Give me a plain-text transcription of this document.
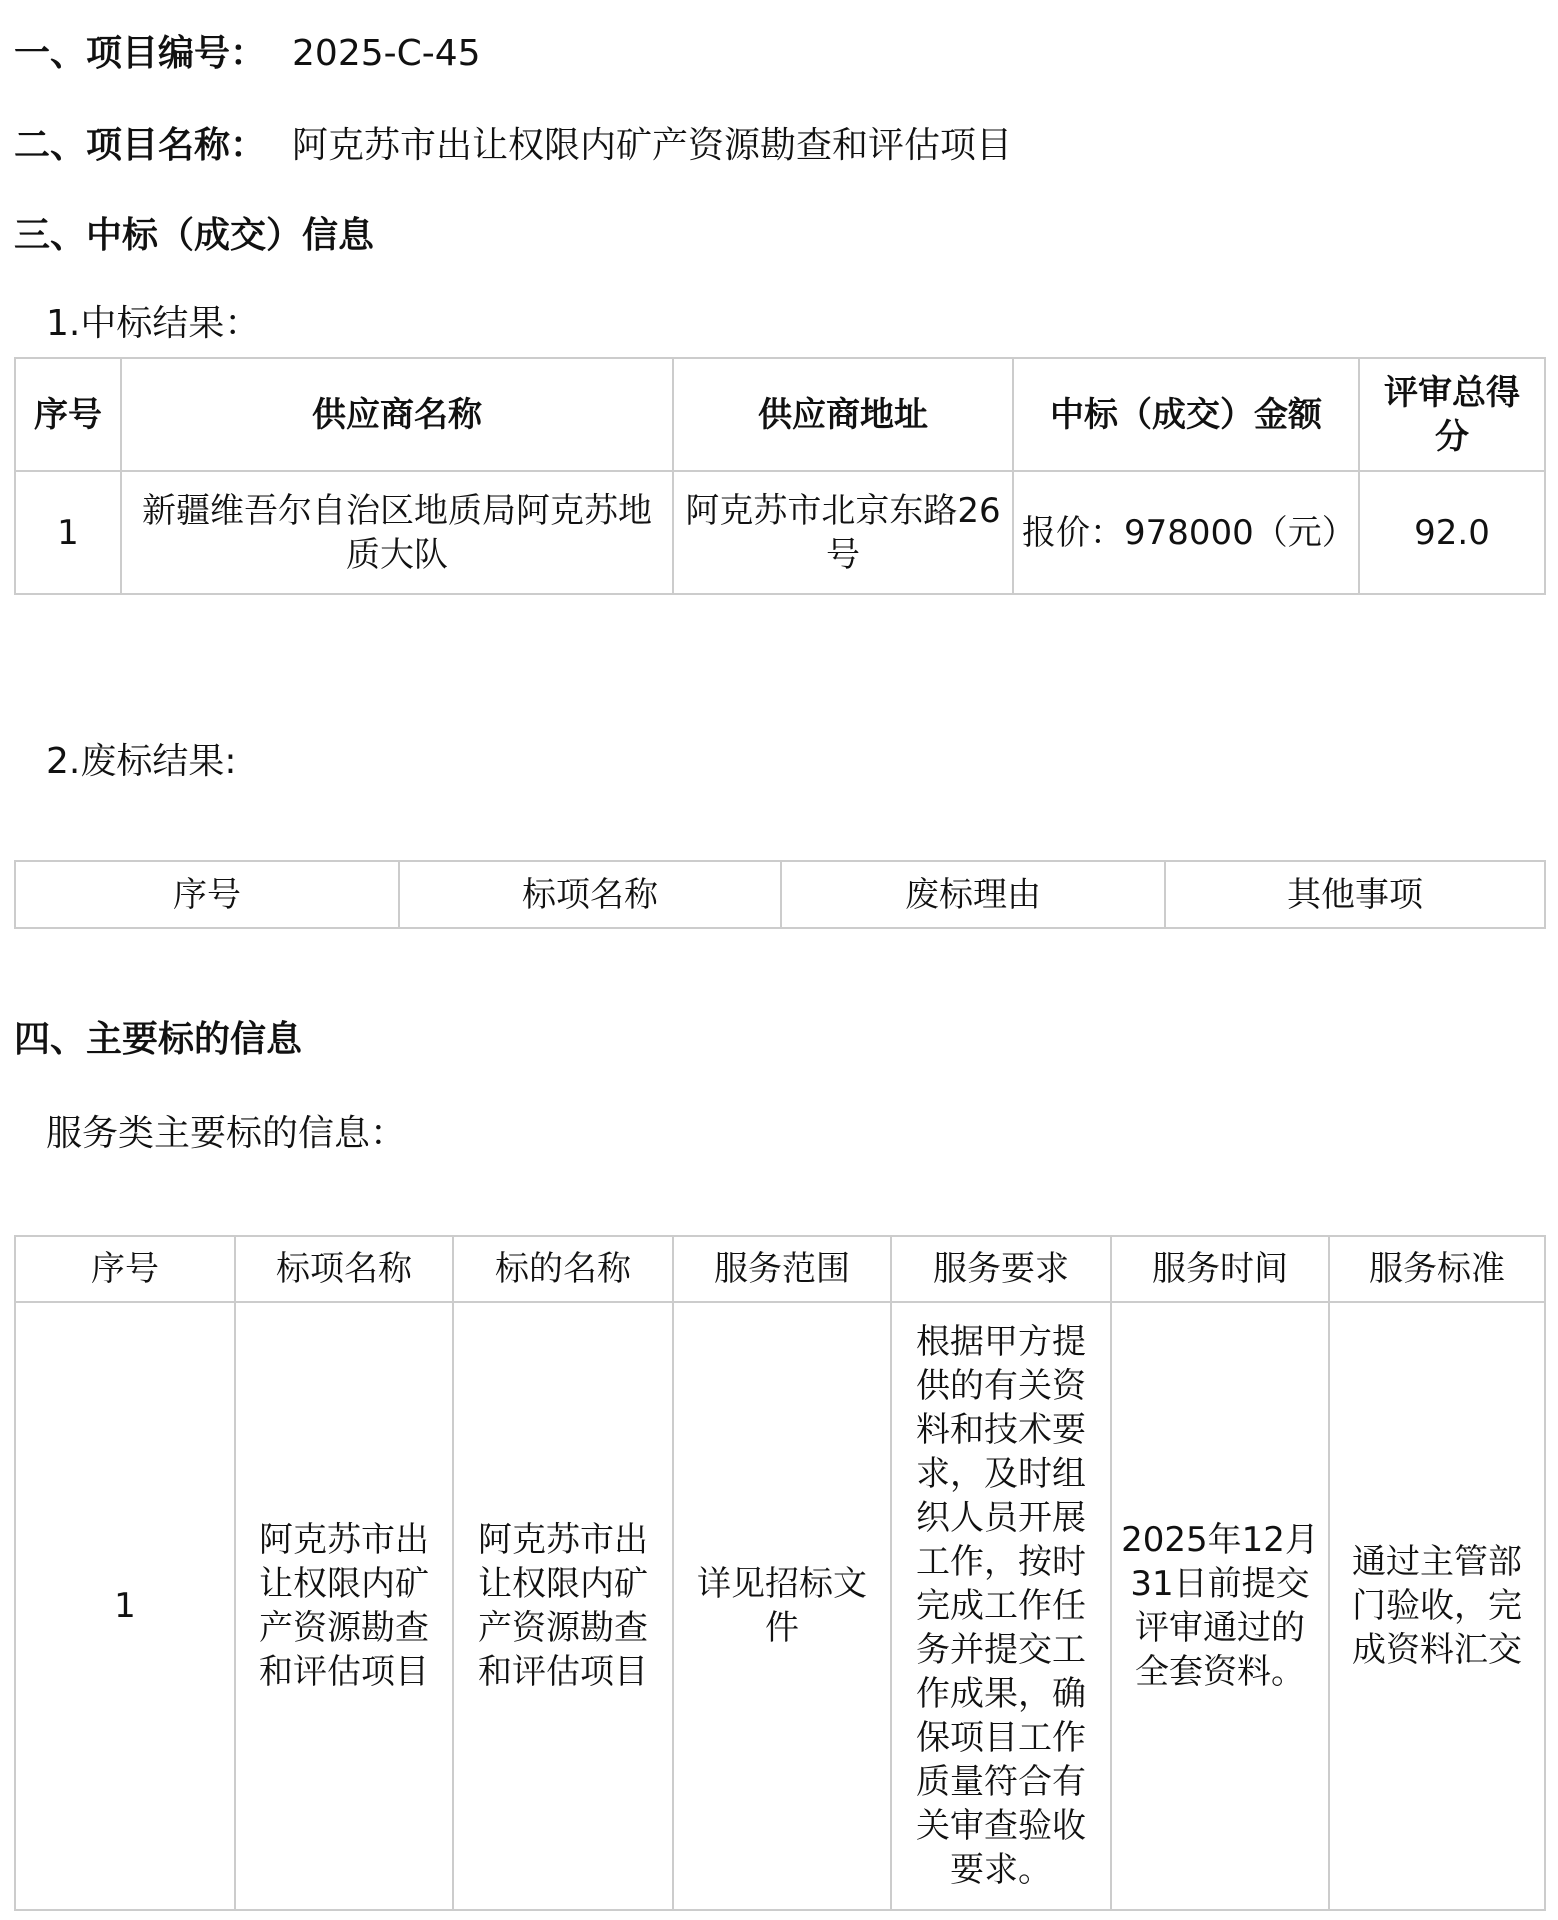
一、项目编号： 2025-C-45
二、项目名称： 阿克苏市出让权限内矿产资源勘查和评估项目
三、中标（成交）信息
1.中标结果：
序号	供应商名称	供应商地址	中标（成交）金额	评审总得分
1	新疆维吾尔自治区地质局阿克苏地质大队	阿克苏市北京东路26号	报价：978000（元）	92.0
2.废标结果:
序号	标项名称	废标理由	其他事项
四、主要标的信息
服务类主要标的信息：
序号	标项名称	标的名称	服务范围	服务要求	服务时间	服务标准
1	阿克苏市出让权限内矿产资源勘查和评估项目	阿克苏市出让权限内矿产资源勘查和评估项目	详见招标文件	根据甲方提供的有关资料和技术要求，及时组织人员开展工作，按时完成工作任务并提交工作成果，确保项目工作质量符合有关审查验收要求。	2025年12月31日前提交评审通过的全套资料。	通过主管部门验收，完成资料汇交
